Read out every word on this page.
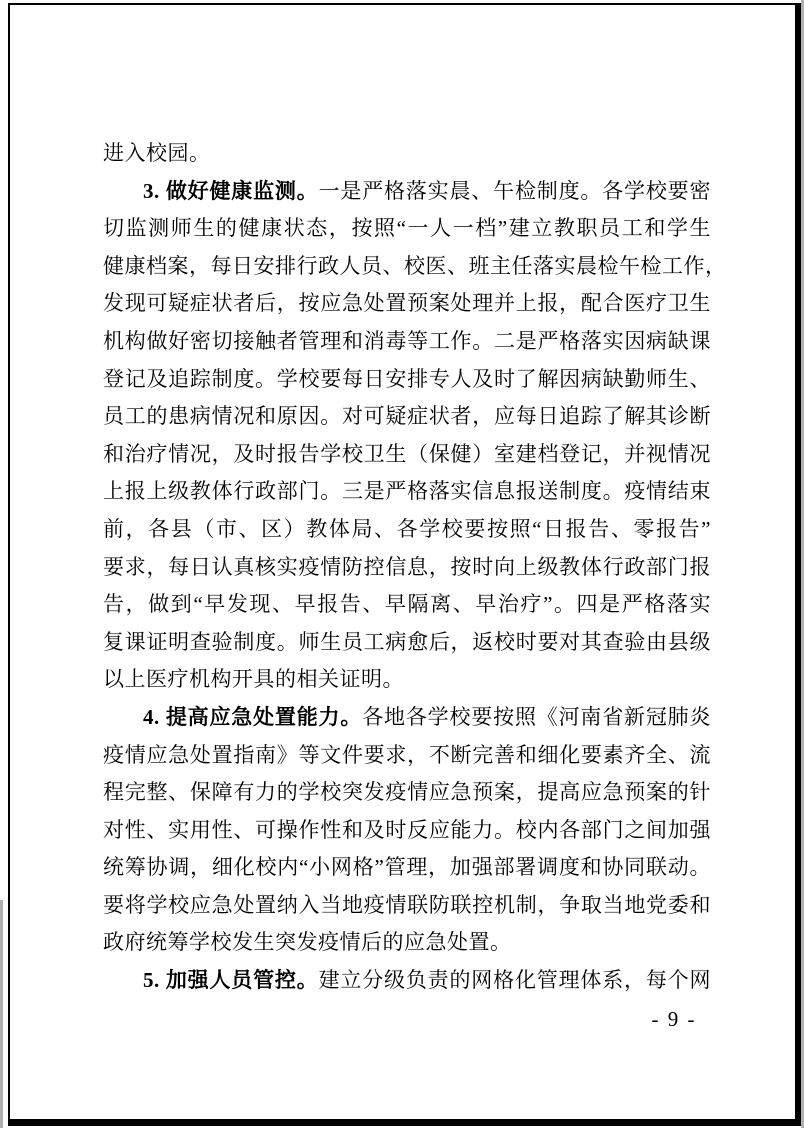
进入校园。
3. 做好健康监测。一是严格落实晨、午检制度。各学校要密
切监测师生的健康状态，按照“一人一档”建立教职员工和学生
健康档案，每日安排行政人员、校医、班主任落实晨检午检工作，
发现可疑症状者后，按应急处置预案处理并上报，配合医疗卫生
机构做好密切接触者管理和消毒等工作。二是严格落实因病缺课
登记及追踪制度。学校要每日安排专人及时了解因病缺勤师生、
员工的患病情况和原因。对可疑症状者，应每日追踪了解其诊断
和治疗情况，及时报告学校卫生（保健）室建档登记，并视情况
上报上级教体行政部门。三是严格落实信息报送制度。疫情结束
前，各县（市、区）教体局、各学校要按照“日报告、零报告”
要求，每日认真核实疫情防控信息，按时向上级教体行政部门报
告，做到“早发现、早报告、早隔离、早治疗”。四是严格落实
复课证明查验制度。师生员工病愈后，返校时要对其查验由县级
以上医疗机构开具的相关证明。
4. 提高应急处置能力。各地各学校要按照《河南省新冠肺炎
疫情应急处置指南》等文件要求，不断完善和细化要素齐全、流
程完整、保障有力的学校突发疫情应急预案，提高应急预案的针
对性、实用性、可操作性和及时反应能力。校内各部门之间加强
统筹协调，细化校内“小网格”管理，加强部署调度和协同联动。
要将学校应急处置纳入当地疫情联防联控机制，争取当地党委和
政府统筹学校发生突发疫情后的应急处置。
5. 加强人员管控。建立分级负责的网格化管理体系，每个网
- 9 -
